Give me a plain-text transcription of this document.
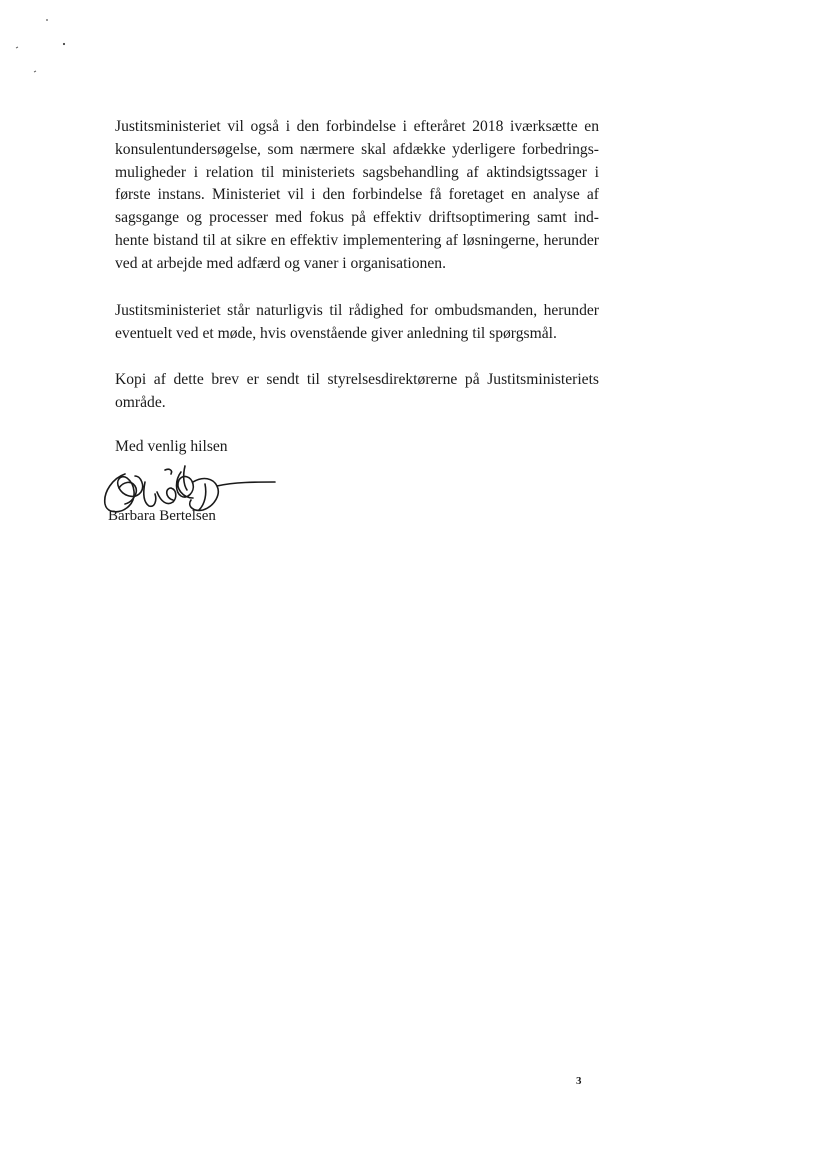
Justitsministeriet vil også i den forbindelse i efteråret 2018 iværksætte en
konsulentundersøgelse, som nærmere skal afdække yderligere forbedrings-
muligheder i relation til ministeriets sagsbehandling af aktindsigtssager i
første instans. Ministeriet vil i den forbindelse få foretaget en analyse af
sagsgange og processer med fokus på effektiv driftsoptimering samt ind-
hente bistand til at sikre en effektiv implementering af løsningerne, herunder
ved at arbejde med adfærd og vaner i organisationen.

Justitsministeriet står naturligvis til rådighed for ombudsmanden, herunder
eventuelt ved et møde, hvis ovenstående giver anledning til spørgsmål.

Kopi af dette brev er sendt til styrelsesdirektørerne på Justitsministeriets
område.

Med venlig hilsen
Barbara Bertelsen
3
